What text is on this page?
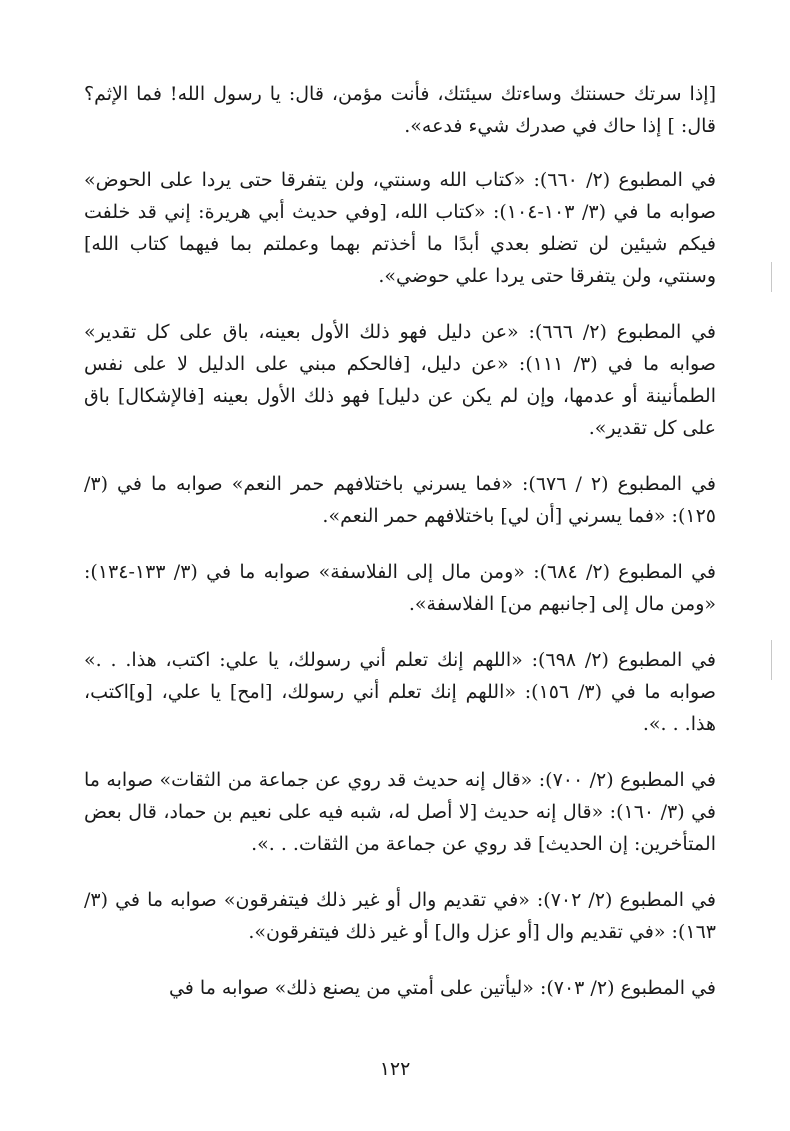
[إذا سرتك حسنتك وساءتك سيئتك، فأنت مؤمن، قال: يا رسول الله! فما الإثم؟ قال: ] إذا حاك في صدرك شيء فدعه».

في المطبوع (٢/ ٦٦٠): «كتاب الله وسنتي، ولن يتفرقا حتى يردا على الحوض» صوابه ما في (٣/ ١٠٣-١٠٤): «كتاب الله، [وفي حديث أبي هريرة: إني قد خلفت فيكم شيئين لن تضلو بعدي أبدًا ما أخذتم بهما وعملتم بما فيهما كتاب الله] وسنتي، ولن يتفرقا حتى يردا علي حوضي».

في المطبوع (٢/ ٦٦٦): «عن دليل فهو ذلك الأول بعينه، باق على كل تقدير» صوابه ما في (٣/ ١١١): «عن دليل، [فالحكم مبني على الدليل لا على نفس الطمأنينة أو عدمها، وإن لم يكن عن دليل] فهو ذلك الأول بعينه [فالإشكال] باق على كل تقدير».

في المطبوع (٢ / ٦٧٦): «فما يسرني باختلافهم حمر النعم» صوابه ما في (٣/ ١٢٥): «فما يسرني [أن لي] باختلافهم حمر النعم».

في المطبوع (٢/ ٦٨٤): «ومن مال إلى الفلاسفة» صوابه ما في (٣/ ١٣٣-١٣٤): «ومن مال إلى [جانبهم من] الفلاسفة».

في المطبوع (٢/ ٦٩٨): «اللهم إنك تعلم أني رسولك، يا علي: اكتب، هذا. . .» صوابه ما في (٣/ ١٥٦): «اللهم إنك تعلم أني رسولك، [امح] يا علي، [و]اكتب، هذا. . .».

في المطبوع (٢/ ٧٠٠): «قال إنه حديث قد روي عن جماعة من الثقات» صوابه ما في (٣/ ١٦٠): «قال إنه حديث [لا أصل له، شبه فيه على نعيم بن حماد، قال بعض المتأخرين: إن الحديث] قد روي عن جماعة من الثقات. . .».

في المطبوع (٢/ ٧٠٢): «في تقديم وال أو غير ذلك فيتفرقون» صوابه ما في (٣/ ١٦٣): «في تقديم وال [أو عزل وال] أو غير ذلك فيتفرقون».

في المطبوع (٢/ ٧٠٣): «ليأتين على أمتي من يصنع ذلك» صوابه ما في

١٢٢
